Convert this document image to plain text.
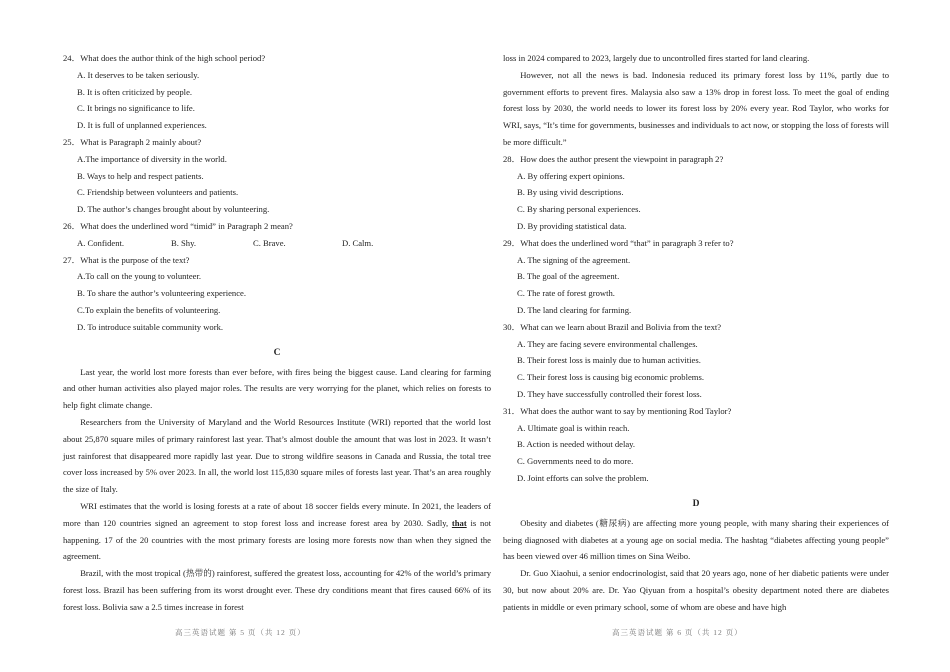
24．What does the author think of the high school period?
A. It deserves to be taken seriously.
B. It is often criticized by people.
C. It brings no significance to life.
D. It is full of unplanned experiences.
25．What is Paragraph 2 mainly about?
A.The importance of diversity in the world.
B. Ways to help and respect patients.
C. Friendship between volunteers and patients.
D. The author’s changes brought about by volunteering.
26．What does the underlined word “timid” in Paragraph 2 mean?
A. Confident.	B. Shy.	C. Brave.	D. Calm.
27．What is the purpose of the text?
A.To call on the young to volunteer.
B. To share the author’s volunteering experience.
C.To explain the benefits of volunteering.
D. To introduce suitable community work.
C

Last year, the world lost more forests than ever before, with fires being the biggest cause. Land clearing for farming and other human activities also played major roles. The results are very worrying for the planet, which relies on forests to help fight climate change.

Researchers from the University of Maryland and the World Resources Institute (WRI) reported that the world lost about 25,870 square miles of primary rainforest last year. That’s almost double the amount that was lost in 2023. It wasn’t just rainforest that disappeared more rapidly last year. Due to strong wildfire seasons in Canada and Russia, the total tree cover loss increased by 5% over 2023. In all, the world lost 115,830 square miles of forests last year. That’s an area roughly the size of Italy.

WRI estimates that the world is losing forests at a rate of about 18 soccer fields every minute. In 2021, the leaders of more than 120 countries signed an agreement to stop forest loss and increase forest area by 2030. Sadly, that is not happening. 17 of the 20 countries with the most primary forests are losing more forests now than when they signed the agreement.

Brazil, with the most tropical (热带的) rainforest, suffered the greatest loss, accounting for 42% of the world’s primary forest loss. Brazil has been suffering from its worst drought ever. These dry conditions meant that fires caused 66% of its forest loss. Bolivia saw a 2.5 times increase in forest

loss in 2024 compared to 2023, largely due to uncontrolled fires started for land clearing.

However, not all the news is bad. Indonesia reduced its primary forest loss by 11%, partly due to government efforts to prevent fires. Malaysia also saw a 13% drop in forest loss. To meet the goal of ending forest loss by 2030, the world needs to lower its forest loss by 20% every year. Rod Taylor, who works for WRI, says, “It’s time for governments, businesses and individuals to act now, or stopping the loss of forests will be more difficult.”

28．How does the author present the viewpoint in paragraph 2?
A. By offering expert opinions.
B. By using vivid descriptions.
C. By sharing personal experiences.
D. By providing statistical data.
29．What does the underlined word “that” in paragraph 3 refer to?
A. The signing of the agreement.
B. The goal of the agreement.
C. The rate of forest growth.
D. The land clearing for farming.
30．What can we learn about Brazil and Bolivia from the text?
A. They are facing severe environmental challenges.
B. Their forest loss is mainly due to human activities.
C. Their forest loss is causing big economic problems.
D. They have successfully controlled their forest loss.
31．What does the author want to say by mentioning Rod Taylor?
A. Ultimate goal is within reach.
B. Action is needed without delay.
C. Governments need to do more.
D. Joint efforts can solve the problem.
D

Obesity and diabetes (糖尿病) are affecting more young people, with many sharing their experiences of being diagnosed with diabetes at a young age on social media. The hashtag “diabetes affecting young people” has been viewed over 46 million times on Sina Weibo.

Dr. Guo Xiaohui, a senior endocrinologist, said that 20 years ago, none of her diabetic patients were under 30, but now about 20% are. Dr. Yao Qiyuan from a hospital’s obesity department noted there are diabetes patients in middle or even primary school, some of whom are obese and have high

高三英语试题 第 5 页（共 12 页）	高三英语试题 第 6 页（共 12 页）
